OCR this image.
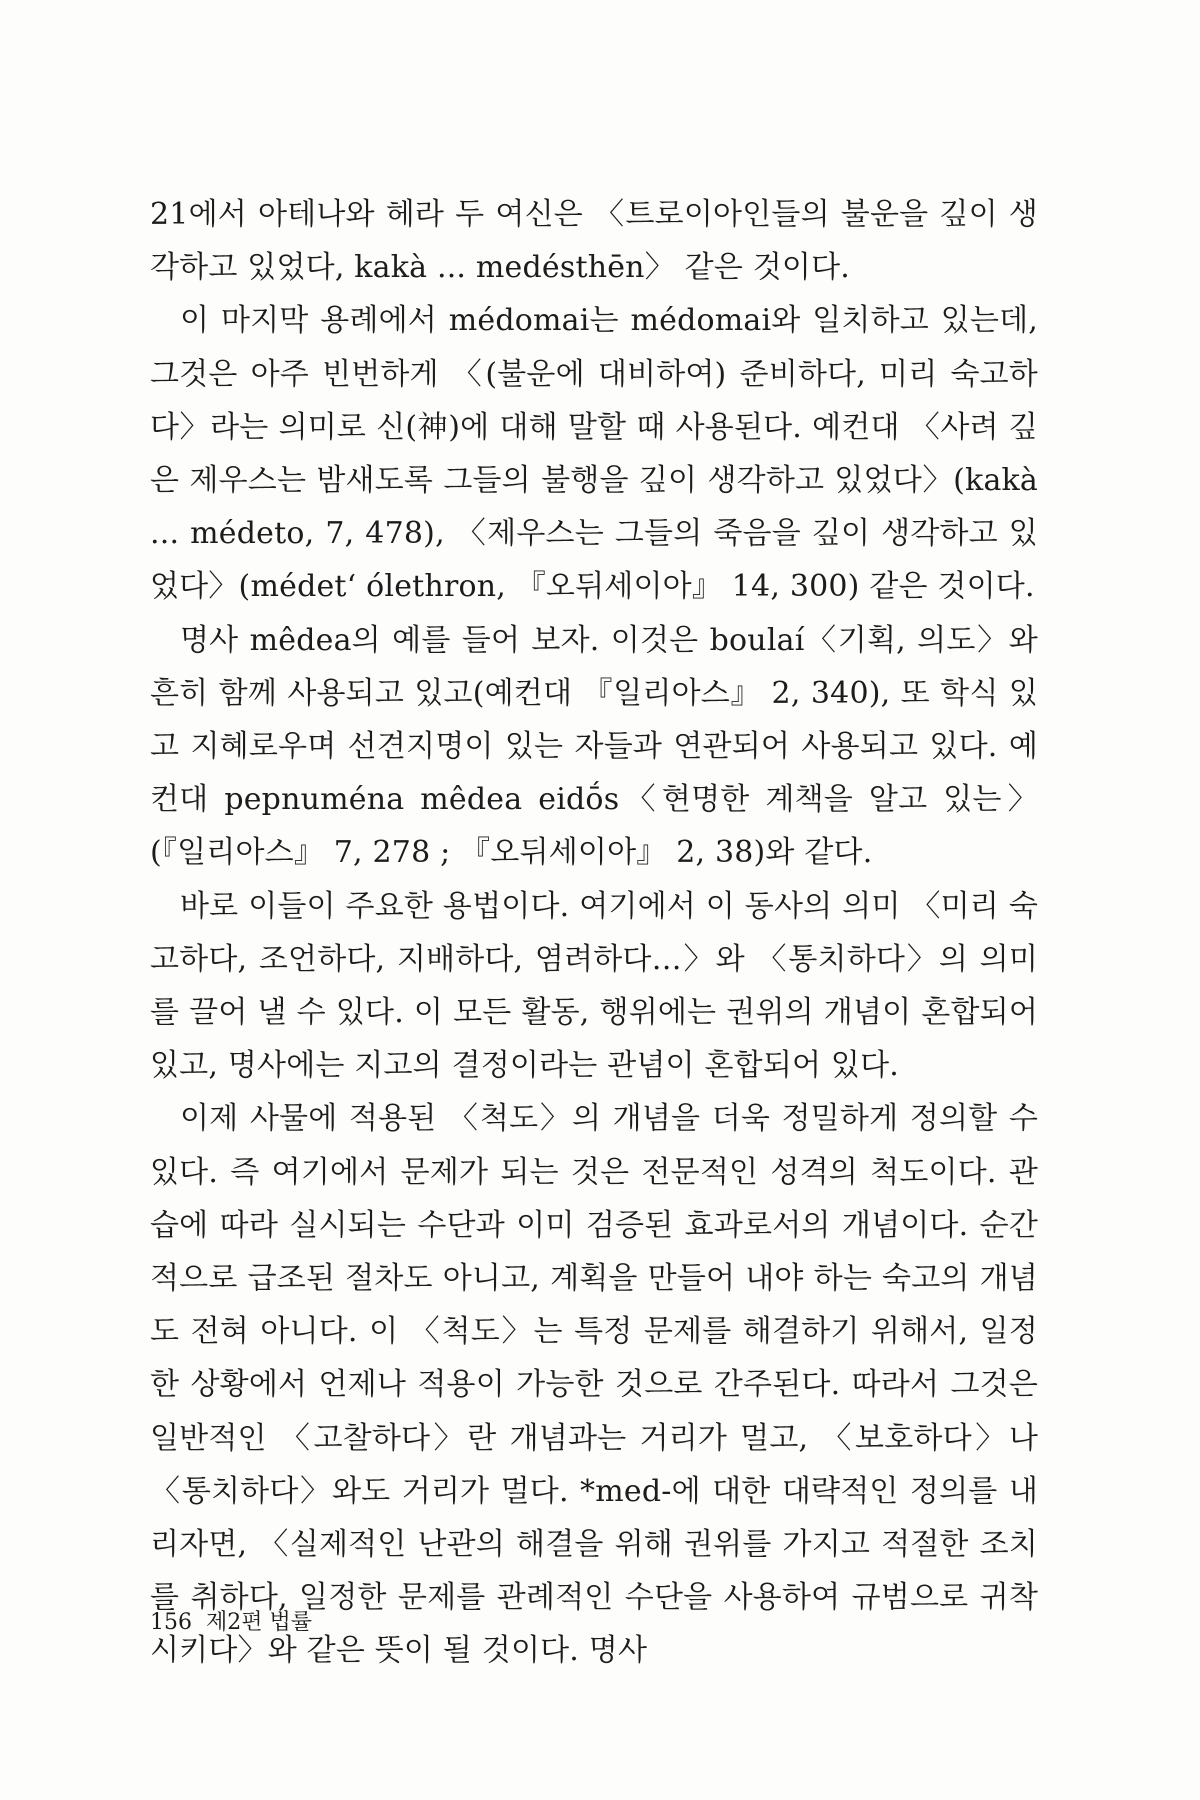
21에서 아테나와 헤라 두 여신은 〈트로이아인들의 불운을 깊이 생각하고 있었다, kakà ... medésthēn〉 같은 것이다.

이 마지막 용례에서 médomai는 médomai와 일치하고 있는데, 그것은 아주 빈번하게 〈(불운에 대비하여) 준비하다, 미리 숙고하다〉라는 의미로 신(神)에 대해 말할 때 사용된다. 예컨대 〈사려 깊은 제우스는 밤새도록 그들의 불행을 깊이 생각하고 있었다〉(kakà ... médeto, 7, 478), 〈제우스는 그들의 죽음을 깊이 생각하고 있었다〉(médet‘ ólethron, 『오뒤세이아』 14, 300) 같은 것이다.

명사 mêdea의 예를 들어 보자. 이것은 boulaí〈기획, 의도〉와 흔히 함께 사용되고 있고(예컨대 『일리아스』 2, 340), 또 학식 있고 지혜로우며 선견지명이 있는 자들과 연관되어 사용되고 있다. 예컨대 pepnuména mêdea eidṓs〈현명한 계책을 알고 있는〉(『일리아스』 7, 278 ; 『오뒤세이아』 2, 38)와 같다.

바로 이들이 주요한 용법이다. 여기에서 이 동사의 의미 〈미리 숙고하다, 조언하다, 지배하다, 염려하다…〉와 〈통치하다〉의 의미를 끌어 낼 수 있다. 이 모든 활동, 행위에는 권위의 개념이 혼합되어 있고, 명사에는 지고의 결정이라는 관념이 혼합되어 있다.

이제 사물에 적용된 〈척도〉의 개념을 더욱 정밀하게 정의할 수 있다. 즉 여기에서 문제가 되는 것은 전문적인 성격의 척도이다. 관습에 따라 실시되는 수단과 이미 검증된 효과로서의 개념이다. 순간적으로 급조된 절차도 아니고, 계획을 만들어 내야 하는 숙고의 개념도 전혀 아니다. 이 〈척도〉는 특정 문제를 해결하기 위해서, 일정한 상황에서 언제나 적용이 가능한 것으로 간주된다. 따라서 그것은 일반적인 〈고찰하다〉란 개념과는 거리가 멀고, 〈보호하다〉나 〈통치하다〉와도 거리가 멀다. *med-에 대한 대략적인 정의를 내리자면, 〈실제적인 난관의 해결을 위해 권위를 가지고 적절한 조치를 취하다, 일정한 문제를 관례적인 수단을 사용하여 규범으로 귀착시키다〉와 같은 뜻이 될 것이다. 명사

156 제2편 법률
